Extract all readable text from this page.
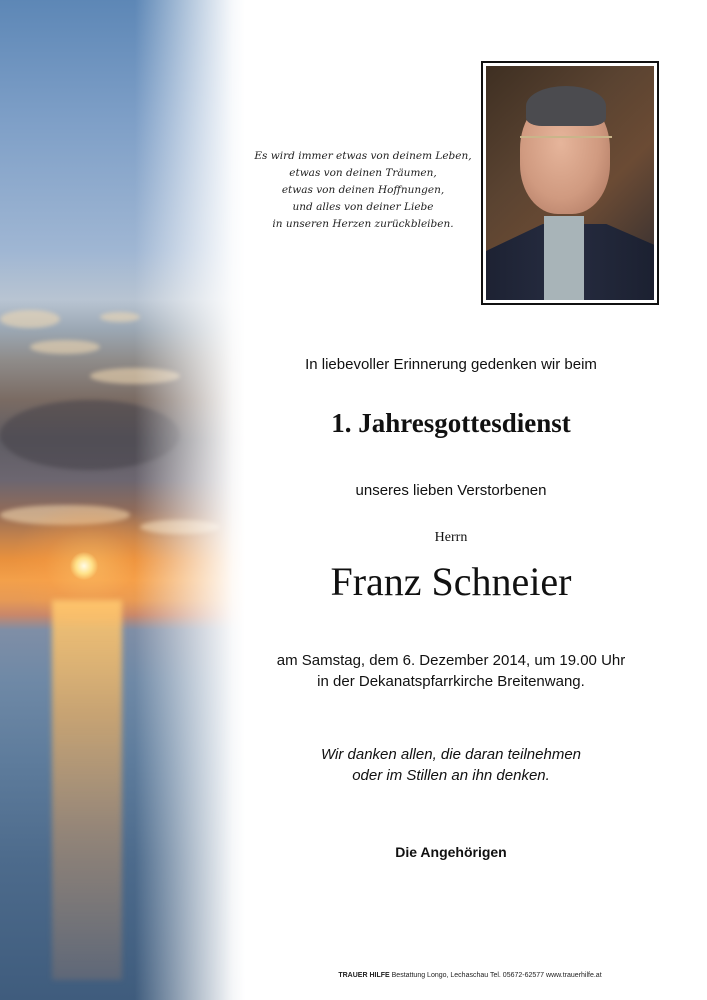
Es wird immer etwas von deinem Leben,
etwas von deinen Träumen,
etwas von deinen Hoffnungen,
und alles von deiner Liebe
in unseren Herzen zurückbleiben.
In liebevoller Erinnerung gedenken wir beim
1. Jahresgottesdienst
unseres lieben Verstorbenen
Herrn
Franz Schneier
am Samstag, dem 6. Dezember 2014, um 19.00 Uhr
in der Dekanatspfarrkirche Breitenwang.
Wir danken allen, die daran teilnehmen
oder im Stillen an ihn denken.
Die Angehörigen
TRAUER HILFE Bestattung Longo, Lechaschau Tel. 05672-62577 www.trauerhilfe.at
